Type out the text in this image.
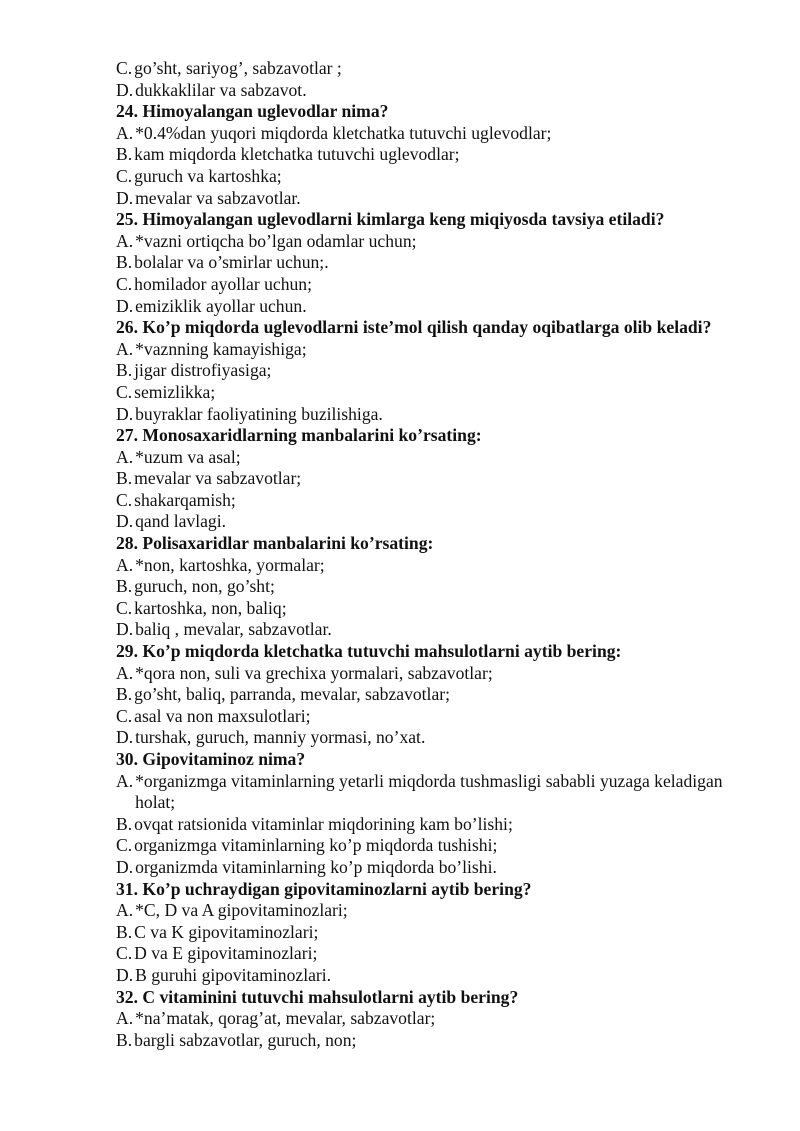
C. go’sht, sariyog’, sabzavotlar ;
D. dukkaklilar va sabzavot.
24. Himoyalangan uglevodlar nima?
A. *0.4%dan yuqori miqdorda kletchatka tutuvchi uglevodlar;
B. kam miqdorda kletchatka tutuvchi uglevodlar;
C. guruch va kartoshka;
D. mevalar va sabzavotlar.
25. Himoyalangan uglevodlarni kimlarga keng miqiyosda tavsiya etiladi?
A. *vazni ortiqcha bo’lgan odamlar uchun;
B. bolalar va o’smirlar uchun;.
C. homilador ayollar uchun;
D. emiziklik ayollar uchun.
26. Ko’p miqdorda uglevodlarni iste’mol qilish qanday oqibatlarga olib keladi?
A. *vaznning kamayishiga;
B. jigar distrofiyasiga;
C. semizlikka;
D. buyraklar faoliyatining buzilishiga.
27. Monosaxaridlarning manbalarini ko’rsating:
A. *uzum va asal;
B. mevalar va sabzavotlar;
C. shakarqamish;
D. qand lavlagi.
28. Polisaxaridlar manbalarini ko’rsating:
A. *non, kartoshka, yormalar;
B. guruch, non, go’sht;
C. kartoshka, non, baliq;
D. baliq , mevalar, sabzavotlar.
29. Ko’p miqdorda kletchatka tutuvchi mahsulotlarni aytib bering:
A. *qora non, suli va grechixa yormalari, sabzavotlar;
B. go’sht, baliq, parranda, mevalar, sabzavotlar;
C. asal va non maxsulotlari;
D. turshak, guruch, manniy yormasi, no’xat.
30. Gipovitaminoz nima?
A. *organizmga vitaminlarning yetarli miqdorda tushmasligi sababli yuzaga keladigan holat;
B. ovqat ratsionida vitaminlar miqdorining kam bo’lishi;
C. organizmga vitaminlarning ko’p miqdorda tushishi;
D. organizmda vitaminlarning ko’p miqdorda bo’lishi.
31. Ko’p uchraydigan gipovitaminozlarni aytib bering?
A. *C, D va A gipovitaminozlari;
B. C va K gipovitaminozlari;
C. D va E gipovitaminozlari;
D. B guruhi gipovitaminozlari.
32. C vitaminini tutuvchi mahsulotlarni aytib bering?
A. *na’matak, qorag’at, mevalar, sabzavotlar;
B. bargli sabzavotlar, guruch, non;
